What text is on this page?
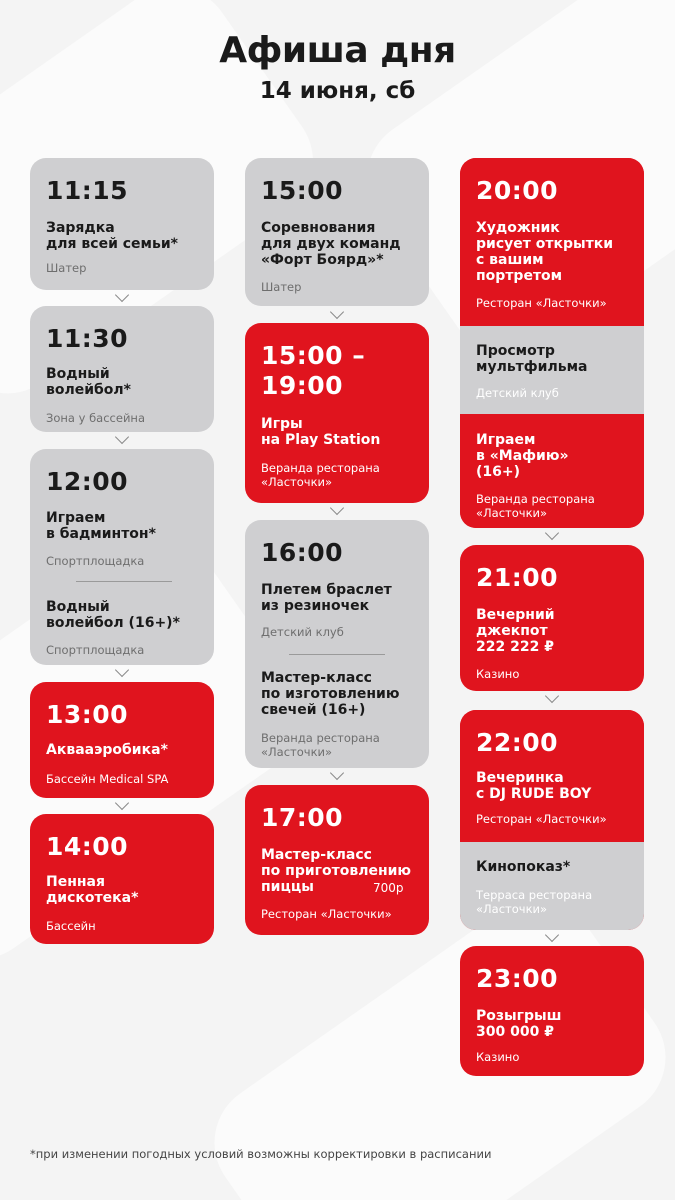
Афиша дня
14 июня, сб
11:15
Зарядка
для всей семьи*
Шатер
11:30
Водный
волейбол*
Зона у бассейна
12:00
Играем
в бадминтон*
Спортплощадка
Водный
волейбол (16+)*
Спортплощадка
13:00
Аквааэробика*
Бассейн Medical SPA
14:00
Пенная
дискотека*
Бассейн
15:00
Соревнования
для двух команд
«Форт Боярд»*
Шатер
15:00 –
19:00
Игры
на Play Station
Веранда ресторана
«Ласточки»
16:00
Плетем браслет
из резиночек
Детский клуб
Мастер-класс
по изготовлению
свечей (16+)
Веранда ресторана
«Ласточки»
17:00
Мастер-класс
по приготовлению
пиццы	700р
Ресторан «Ласточки»
20:00
Художник
рисует открытки
с вашим
портретом
Ресторан «Ласточки»
Просмотр
мультфильма
Детский клуб
Играем
в «Мафию»
(16+)
Веранда ресторана
«Ласточки»
21:00
Вечерний
джекпот
222 222 ₽
Казино
22:00
Вечеринка
с DJ RUDE BOY
Ресторан «Ласточки»
Кинопоказ*
Терраса ресторана
«Ласточки»
23:00
Розыгрыш
300 000 ₽
Казино
*при изменении погодных условий возможны корректировки в расписании
